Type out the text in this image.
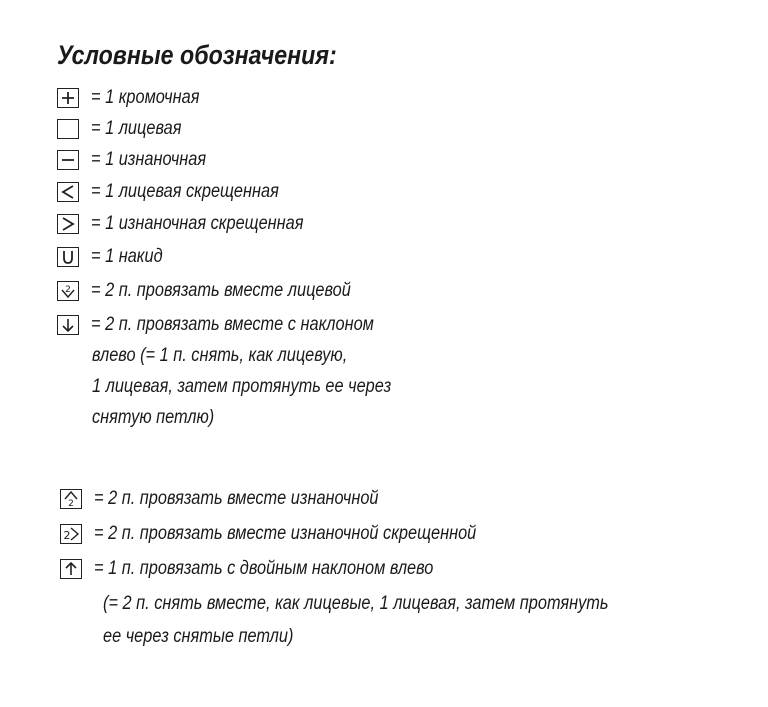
Условные обозначения:
= 1 кромочная
= 1 лицевая
= 1 изнаночная
= 1 лицевая скрещенная
= 1 изнаночная скрещенная
= 1 накид
2 = 2 п. провязать вместе лицевой
= 2 п. провязать вместе с наклоном
влево (= 1 п. снять, как лицевую,
1 лицевая, затем протянуть ее через
снятую петлю)
2 = 2 п. провязать вместе изнаночной
2 = 2 п. провязать вместе изнаночной скрещенной
= 1 п. провязать с двойным наклоном влево
(= 2 п. снять вместе, как лицевые, 1 лицевая, затем протянуть
ее через снятые петли)
